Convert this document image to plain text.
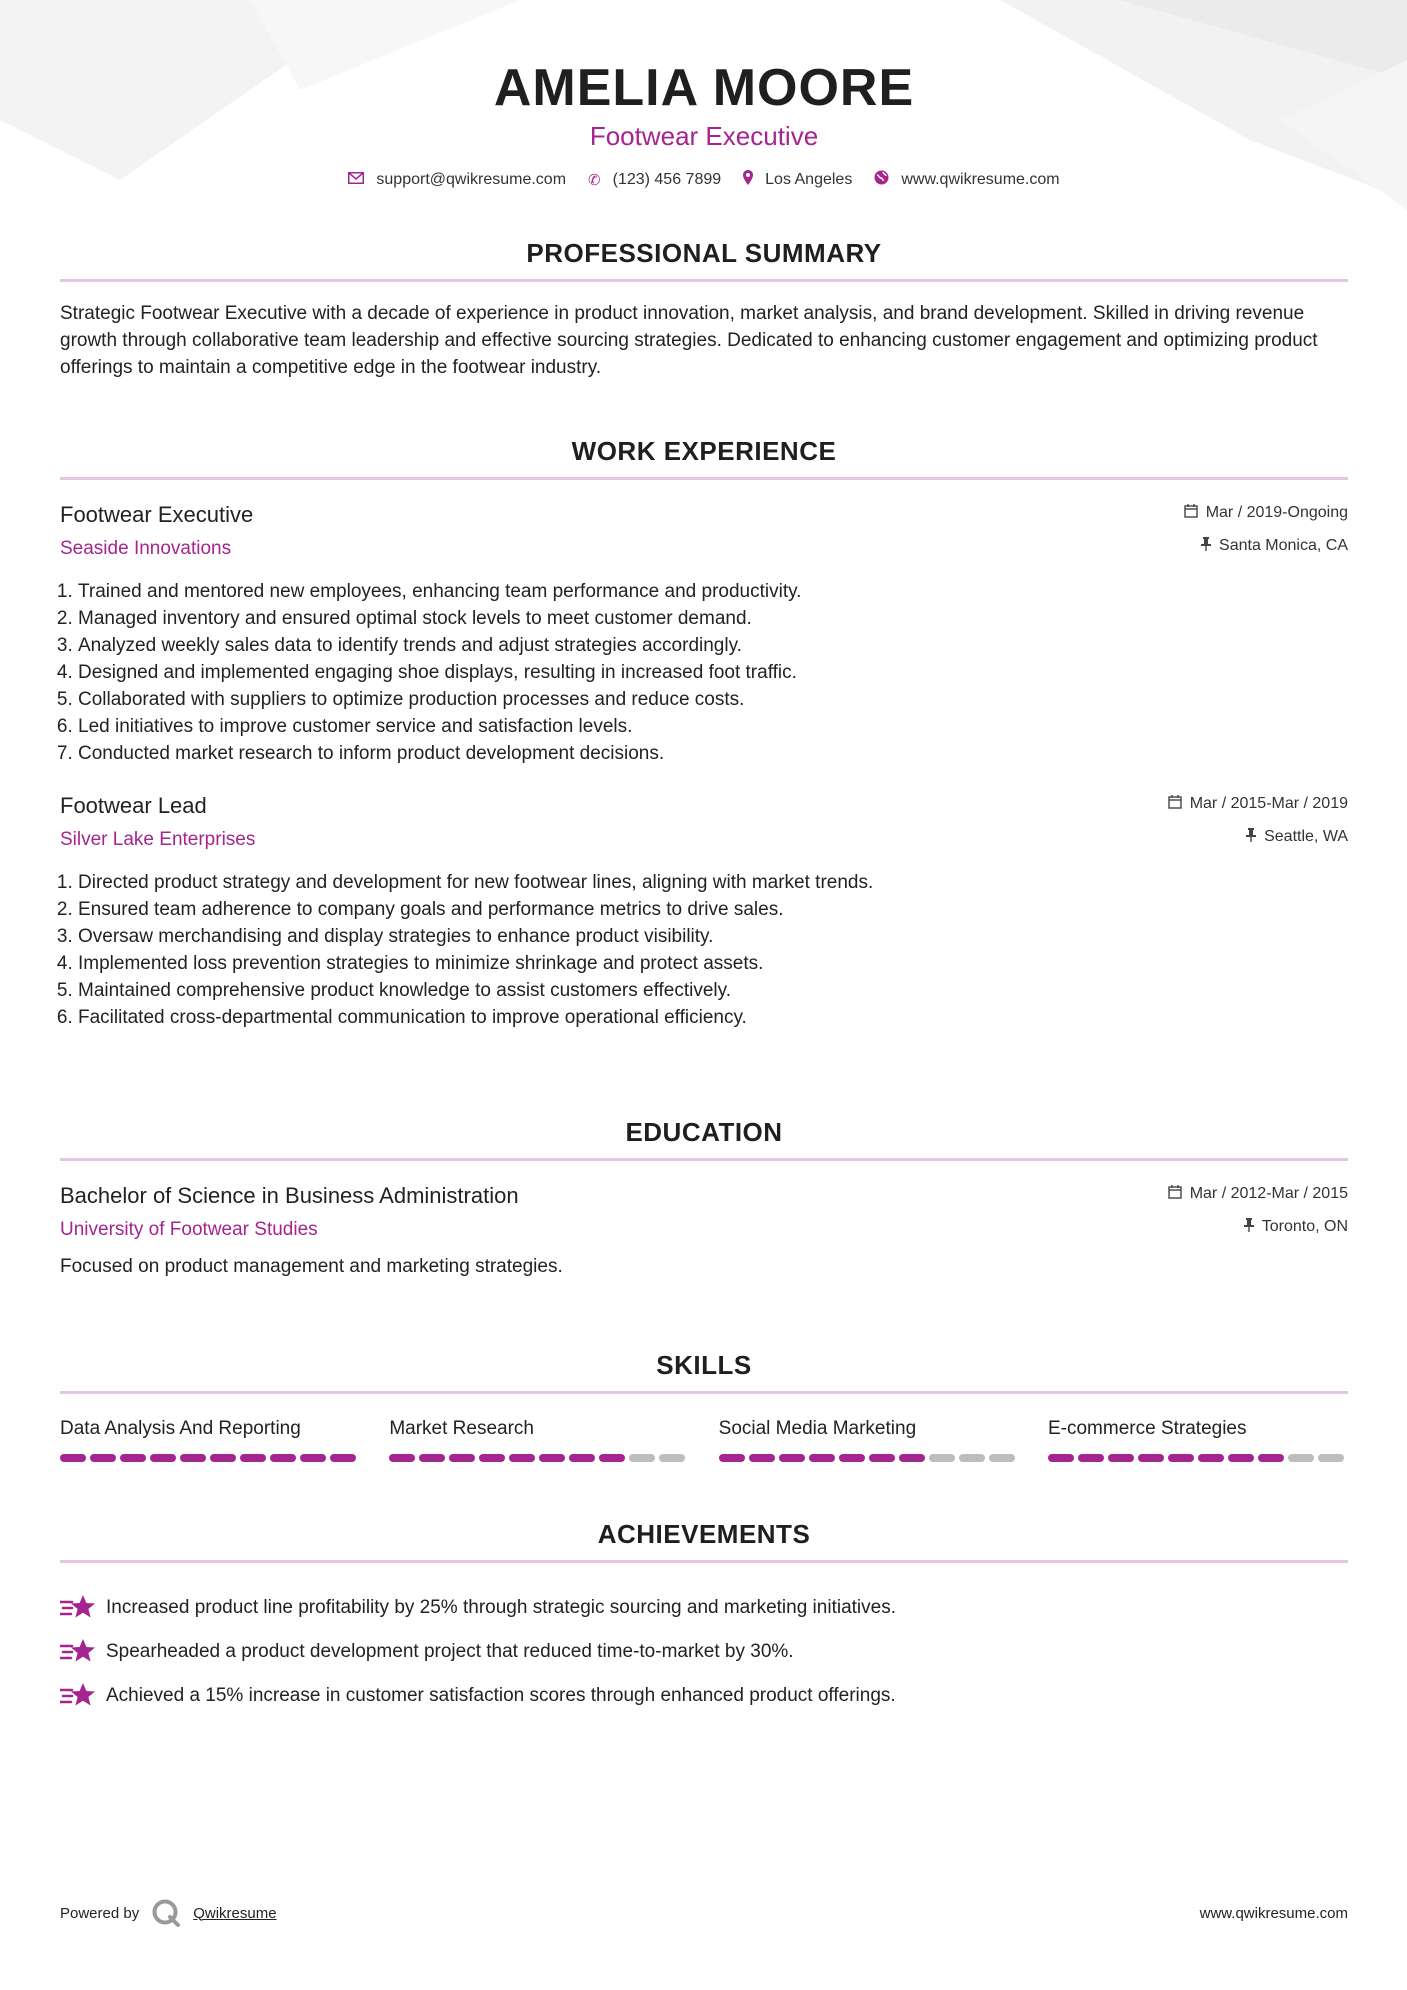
AMELIA MOORE
Footwear Executive
support@qwikresume.com ✆ (123) 456 7899	Los Angeles	www.qwikresume.com
PROFESSIONAL SUMMARY
Strategic Footwear Executive with a decade of experience in product innovation, market analysis, and brand development. Skilled in driving revenue growth through collaborative team leadership and effective sourcing strategies. Dedicated to enhancing customer engagement and optimizing product offerings to maintain a competitive edge in the footwear industry.
WORK EXPERIENCE
Footwear Executive
Seaside Innovations
Mar / 2019-Ongoing
Santa Monica, CA
1. Trained and mentored new employees, enhancing team performance and productivity.
2. Managed inventory and ensured optimal stock levels to meet customer demand.
3. Analyzed weekly sales data to identify trends and adjust strategies accordingly.
4. Designed and implemented engaging shoe displays, resulting in increased foot traffic.
5. Collaborated with suppliers to optimize production processes and reduce costs.
6. Led initiatives to improve customer service and satisfaction levels.
7. Conducted market research to inform product development decisions.
Footwear Lead
Silver Lake Enterprises
Mar / 2015-Mar / 2019
Seattle, WA
1. Directed product strategy and development for new footwear lines, aligning with market trends.
2. Ensured team adherence to company goals and performance metrics to drive sales.
3. Oversaw merchandising and display strategies to enhance product visibility.
4. Implemented loss prevention strategies to minimize shrinkage and protect assets.
5. Maintained comprehensive product knowledge to assist customers effectively.
6. Facilitated cross-departmental communication to improve operational efficiency.
EDUCATION
Bachelor of Science in Business Administration
University of Footwear Studies
Mar / 2012-Mar / 2015
Toronto, ON
Focused on product management and marketing strategies.
SKILLS
Data Analysis And Reporting	Market Research	Social Media Marketing	E-commerce Strategies
ACHIEVEMENTS
Increased product line profitability by 25% through strategic sourcing and marketing initiatives.
Spearheaded a product development project that reduced time-to-market by 30%.
Achieved a 15% increase in customer satisfaction scores through enhanced product offerings.
Powered by	Qwikresume	www.qwikresume.com
